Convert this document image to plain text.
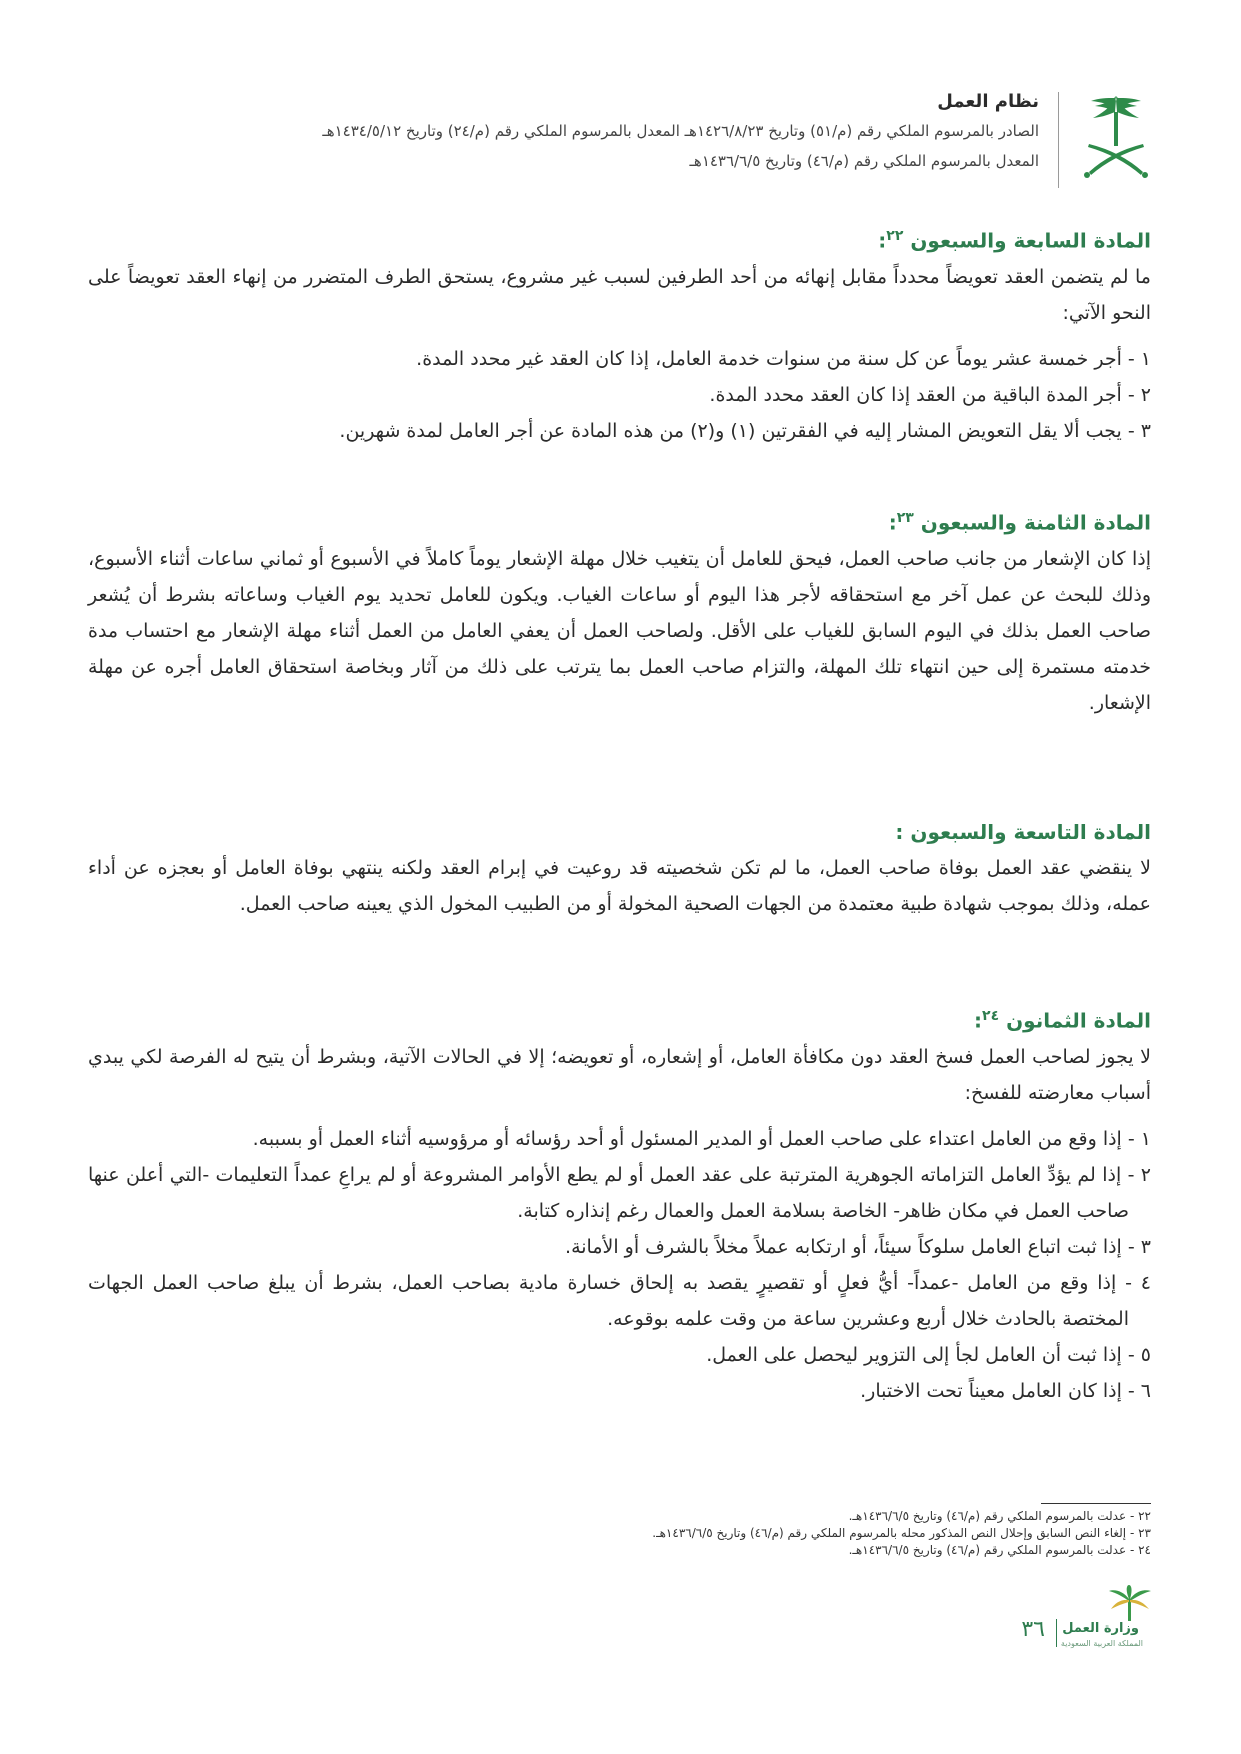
نظام العمل
الصادر بالمرسوم الملكي رقم (م/٥١) وتاريخ ١٤٢٦/٨/٢٣هـ المعدل بالمرسوم الملكي رقم (م/٢٤) وتاريخ ١٤٣٤/٥/١٢هـ
المعدل بالمرسوم الملكي رقم (م/٤٦) وتاريخ ١٤٣٦/٦/٥هـ
المادة السابعة والسبعون $^{٢٢}$:
ما لم يتضمن العقد تعويضاً محدداً مقابل إنهائه من أحد الطرفين لسبب غير مشروع، يستحق الطرف المتضرر من إنهاء العقد تعويضاً على النحو الآتي:
١ - أجر خمسة عشر يوماً عن كل سنة من سنوات خدمة العامل، إذا كان العقد غير محدد المدة.
٢ - أجر المدة الباقية من العقد إذا كان العقد محدد المدة.
٣ - يجب ألا يقل التعويض المشار إليه في الفقرتين (١) و(٢) من هذه المادة عن أجر العامل لمدة شهرين.
المادة الثامنة والسبعون $^{٢٣}$:
إذا كان الإشعار من جانب صاحب العمل، فيحق للعامل أن يتغيب خلال مهلة الإشعار يوماً كاملاً في الأسبوع أو ثماني ساعات أثناء الأسبوع، وذلك للبحث عن عمل آخر مع استحقاقه لأجر هذا اليوم أو ساعات الغياب. ويكون للعامل تحديد يوم الغياب وساعاته بشرط أن يُشعر صاحب العمل بذلك في اليوم السابق للغياب على الأقل. ولصاحب العمل أن يعفي العامل من العمل أثناء مهلة الإشعار مع احتساب مدة خدمته مستمرة إلى حين انتهاء تلك المهلة، والتزام صاحب العمل بما يترتب على ذلك من آثار وبخاصة استحقاق العامل أجره عن مهلة الإشعار.
المادة التاسعة والسبعون :
لا ينقضي عقد العمل بوفاة صاحب العمل، ما لم تكن شخصيته قد روعيت في إبرام العقد ولكنه ينتهي بوفاة العامل أو بعجزه عن أداء عمله، وذلك بموجب شهادة طبية معتمدة من الجهات الصحية المخولة أو من الطبيب المخول الذي يعينه صاحب العمل.
المادة الثمانون $^{٢٤}$:
لا يجوز لصاحب العمل فسخ العقد دون مكافأة العامل، أو إشعاره، أو تعويضه؛ إلا في الحالات الآتية، وبشرط أن يتيح له الفرصة لكي يبدي أسباب معارضته للفسخ:
١ - إذا وقع من العامل اعتداء على صاحب العمل أو المدير المسئول أو أحد رؤسائه أو مرؤوسيه أثناء العمل أو بسببه.
٢ - إذا لم يؤدِّ العامل التزاماته الجوهرية المترتبة على عقد العمل أو لم يطع الأوامر المشروعة أو لم يراعِ عمداً التعليمات -التي أعلن عنها صاحب العمل في مكان ظاهر- الخاصة بسلامة العمل والعمال رغم إنذاره كتابة.
٣ - إذا ثبت اتباع العامل سلوكاً سيئاً، أو ارتكابه عملاً مخلاً بالشرف أو الأمانة.
٤ - إذا وقع من العامل -عمداً- أيُّ فعلٍ أو تقصيرٍ يقصد به إلحاق خسارة مادية بصاحب العمل، بشرط أن يبلغ صاحب العمل الجهات المختصة بالحادث خلال أربع وعشرين ساعة من وقت علمه بوقوعه.
٥ - إذا ثبت أن العامل لجأ إلى التزوير ليحصل على العمل.
٦ - إذا كان العامل معيناً تحت الاختبار.
٢٢ - عدلت بالمرسوم الملكي رقم (م/٤٦) وتاريخ ١٤٣٦/٦/٥هـ.
٢٣ - إلغاء النص السابق وإحلال النص المذكور محله بالمرسوم الملكي رقم (م/٤٦) وتاريخ ١٤٣٦/٦/٥هـ.
٢٤ - عدلت بالمرسوم الملكي رقم (م/٤٦) وتاريخ ١٤٣٦/٦/٥هـ.
وزارة العمل
المملكة العربية السعودية
٣٦
